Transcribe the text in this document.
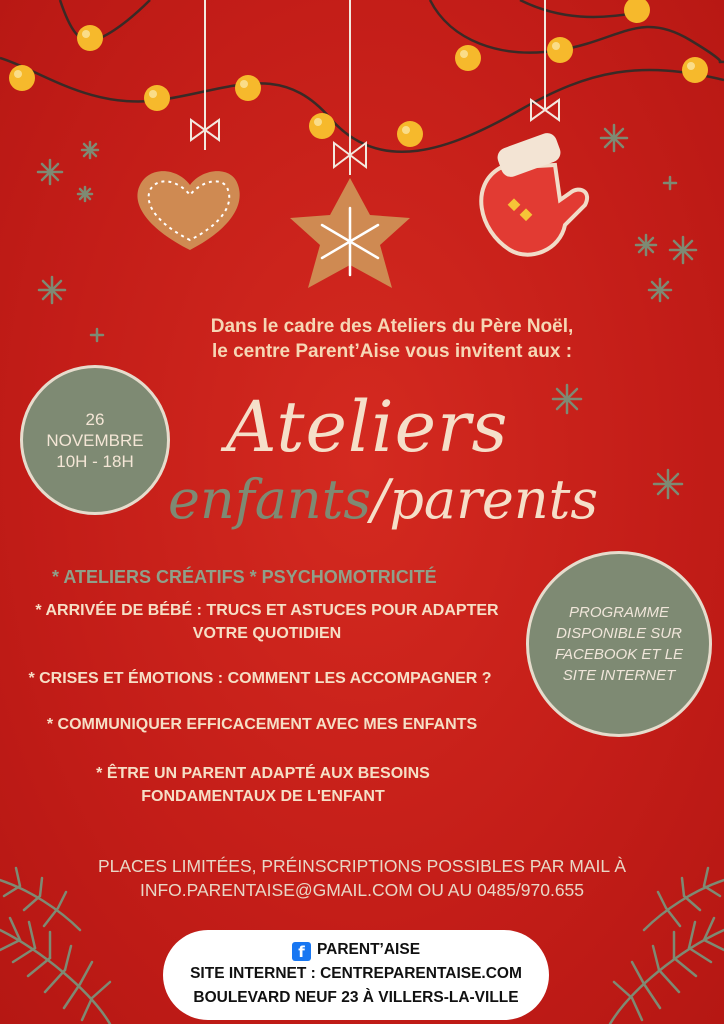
Dans le cadre des Ateliers du Père Noël,
le centre Parent’Aise vous invitent aux :
26
NOVEMBRE
10H - 18H Ateliers
enfants/parents
* ATELIERS CRÉATIFS * PSYCHOMOTRICITÉ
* ARRIVÉE DE BÉBÉ : TRUCS ET ASTUCES POUR ADAPTER
VOTRE QUOTIDIEN
* CRISES ET ÉMOTIONS : COMMENT LES ACCOMPAGNER ?
* COMMUNIQUER EFFICACEMENT AVEC MES ENFANTS
* ÊTRE UN PARENT ADAPTÉ AUX BESOINS
FONDAMENTAUX DE L'ENFANT
PROGRAMME
DISPONIBLE SUR
FACEBOOK ET LE
SITE INTERNET
PLACES LIMITÉES, PRÉINSCRIPTIONS POSSIBLES PAR MAIL À
INFO.PARENTAISE@GMAIL.COM OU AU 0485/970.655
f PARENT’AISE
SITE INTERNET : CENTREPARENTAISE.COM
BOULEVARD NEUF 23 À VILLERS-LA-VILLE
